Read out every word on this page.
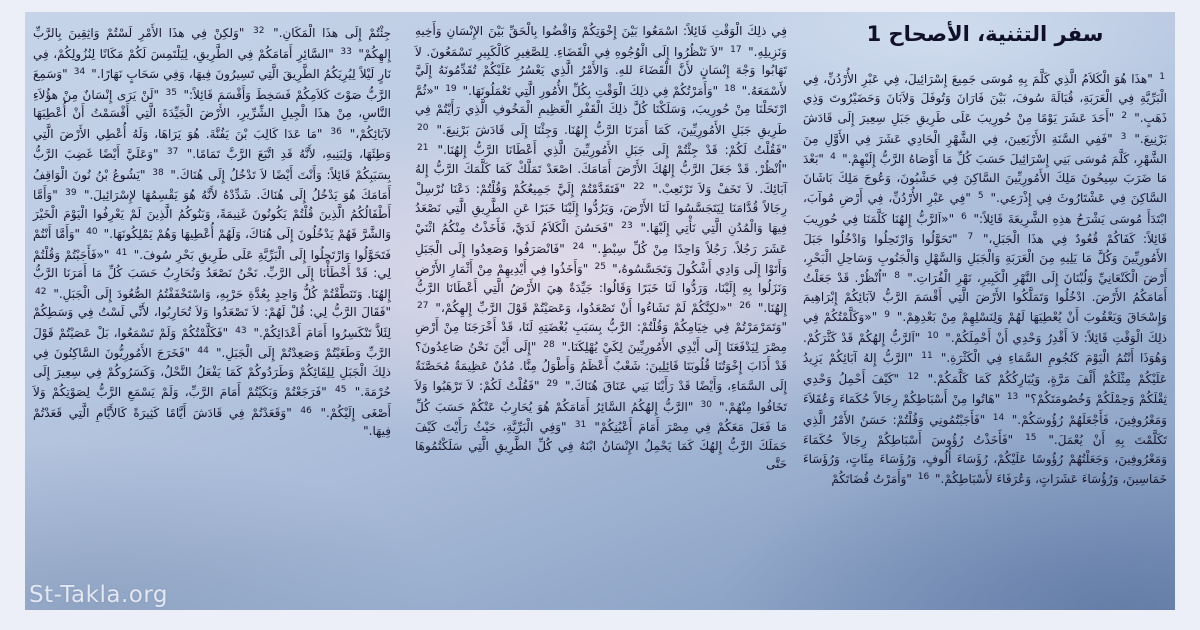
سفر التثنية، الأصحاح 1
$^1$ "هذَا هُوَ الْكَلاَمُ الَّذِي كَلَّمَ بِهِ مُوسَى جَمِيعَ إِسْرَائِيلَ، فِي عَبْرِ الأُرْدُنِّ، فِي الْبَرِّيَّةِ فِي الْعَرَبَةِ، قُبَالَةَ سُوفَ، بَيْنَ فَارَانَ وَتُوفَلَ وَلاَبَانَ وَحَضَيْرُوتَ وَذِي ذَهَبٍ." $^2$ "أَحَدَ عَشَرَ يَوْمًا مِنْ حُورِيبَ عَلَى طَرِيقِ جَبَلِ سِعِيرَ إِلَى قَادَشَ بَرْنِيعَ." $^3$ "فَفِي السَّنَةِ الأَرْبَعِينَ، فِي الشَّهْرِ الْحَادِي عَشَرَ فِي الأَوَّلِ مِنَ الشَّهْرِ، كَلَّمَ مُوسَى بَنِي إِسْرَائِيلَ حَسَبَ كُلِّ مَا أَوْصَاهُ الرَّبُّ إِلَيْهِمْ." $^4$ "بَعْدَ مَا ضَرَبَ سِيحُونَ مَلِكَ الأَمُورِيِّينَ السَّاكِنَ فِي حَشْبُونَ، وَعُوجَ مَلِكَ بَاشَانَ السَّاكِنَ فِي عَشْتَارُوثَ فِي إِذْرَعِي." $^5$ "فِي عَبْرِ الأُرْدُنِّ، فِي أَرْضِ مُوآبَ، ابْتَدَأَ مُوسَى يَشْرَحُ هذِهِ الشَّرِيعَةَ قَائِلاً:" $^6$ "«اَلرَّبُّ إِلهُنَا كَلَّمَنَا فِي حُورِيبَ قَائِلاً: كَفَاكُمْ قُعُودٌ فِي هذَا الْجَبَلِ،" $^7$ "تَحَوَّلُوا وَارْتَحِلُوا وَادْخُلُوا جَبَلَ الأَمُورِيِّينَ وَكُلَّ مَا يَلِيهِ مِنَ الْعَرَبَةِ وَالْجَبَلِ وَالسَّهْلِ وَالْجَنُوبِ وَسَاحِلِ الْبَحْرِ، أَرْضَ الْكَنْعَانِيِّ وَلُبْنَانَ إِلَى النَّهْرِ الْكَبِيرِ، نَهْرِ الْفُرَاتِ." $^8$ "اُنْظُرْ. قَدْ جَعَلْتُ أَمَامَكُمُ الأَرْضَ. ادْخُلُوا وَتَمَلَّكُوا الأَرْضَ الَّتِي أَقْسَمَ الرَّبُّ لآبَائِكُمْ إِبْرَاهِيمَ وَإِسْحَاقَ وَيَعْقُوبَ أَنْ يُعْطِيَهَا لَهُمْ وَلِنَسْلِهِمْ مِنْ بَعْدِهِمْ." $^9$ "«وَكَلَّمْتُكُمْ فِي ذلِكَ الْوَقْتِ قَائِلاً: لاَ أَقْدِرُ وَحْدِي أَنْ أَحْمِلَكُمْ." $^{10}$ "اَلرَّبُّ إِلهُكُمْ قَدْ كَثَّرَكُمْ. وَهُوَذَا أَنْتُمُ الْيَوْمَ كَنُجُومِ السَّمَاءِ فِي الْكَثْرَةِ." $^{11}$ "الرَّبُّ إِلهُ آبَائِكُمْ يَزِيدُ عَلَيْكُمْ مِثْلَكُمْ أَلْفَ مَرَّةٍ، وَيُبَارِكُكُمْ كَمَا كَلَّمَكُمْ." $^{12}$ "كَيْفَ أَحْمِلُ وَحْدِي ثِقْلَكُمْ وَحِمْلَكُمْ وَخُصُومَتَكُمْ؟" $^{13}$ "هَاتُوا مِنْ أَسْبَاطِكُمْ رِجَالاً حُكَمَاءَ وَعُقَلاَءَ وَمَعْرُوفِينَ، فَأَجْعَلَهُمْ رُؤُوسَكُمْ." $^{14}$ "فَأَجَبْتُمُونِي وَقُلْتُمْ: حَسَنٌ الأَمْرُ الَّذِي تَكَلَّمْتَ بِهِ أَنْ يُعْمَلَ." $^{15}$ "فَأَخَذْتُ رُؤُوسَ أَسْبَاطِكُمْ رِجَالاً حُكَمَاءَ وَمَعْرُوفِينَ، وَجَعَلْتُهُمْ رُؤُوسًا عَلَيْكُمْ، رُؤَسَاءَ أُلُوفٍ، وَرُؤَسَاءَ مِئَاتٍ، وَرُؤَسَاءَ خَمَاسِينَ، وَرُؤُسَاءَ عَشَرَاتٍ، وَعُرَفَاءَ لأَسْبَاطِكُمْ." $^{16}$ "وَأَمَرْتُ قُضَاتَكُمْ
فِي ذلِكَ الْوَقْتِ قَائِلاً: اسْمَعُوا بَيْنَ إِخْوَتِكُمْ وَاقْضُوا بِالْحَقِّ بَيْنَ الإِنْسَانِ وَأَخِيهِ وَنَزِيلِهِ." $^{17}$ "لاَ تَنْظُرُوا إِلَى الْوُجُوهِ فِي الْقَضَاءِ. لِلصَّغِيرِ كَالْكَبِيرِ تَسْمَعُونَ. لاَ تَهَابُوا وَجْهَ إِنْسَانٍ لأَنَّ الْقَضَاءَ للهِ. وَالأَمْرُ الَّذِي يَعْسُرُ عَلَيْكُمْ تُقَدِّمُونَهُ إِلَيَّ لأَسْمَعَهُ." $^{18}$ "وَأَمَرْتُكُمْ فِي ذلِكَ الْوَقْتِ بِكُلِّ الأُمُورِ الَّتِي تَعْمَلُونَهَا." $^{19}$ "«ثُمَّ ارْتَحَلْنَا مِنْ حُورِيبَ، وَسَلَكْنَا كُلَّ ذلِكَ الْقَفْرِ الْعَظِيمِ الْمَخُوفِ الَّذِي رَأَيْتُمْ فِي طَرِيقِ جَبَلِ الأَمُورِيِّينَ، كَمَا أَمَرَنَا الرَّبُّ إِلهُنَا. وَجِئْنَا إِلَى قَادَشَ بَرْنِيعَ." $^{20}$ "فَقُلْتُ لَكُمْ: قَدْ جِئْتُمْ إِلَى جَبَلِ الأَمُورِيِّينَ الَّذِي أَعْطَانَا الرَّبُّ إِلهُنَا." $^{21}$ "اُنْظُرْ. قَدْ جَعَلَ الرَّبُّ إِلهُكَ الأَرْضَ أَمَامَكَ. اصْعَدْ تَمَلَّكْ كَمَا كَلَّمَكَ الرَّبُّ إِلهُ آبَائِكَ. لاَ تَخَفْ وَلاَ تَرْتَعِبْ." $^{22}$ "فَتَقَدَّمْتُمْ إِلَيَّ جَمِيعُكُمْ وَقُلْتُمْ: دَعْنَا نُرْسِلْ رِجَالاً قُدَّامَنَا لِيَتَجَسَّسُوا لَنَا الأَرْضَ، وَيَرُدُّوا إِلَيْنَا خَبَرًا عَنِ الطَّرِيقِ الَّتِي نَصْعَدُ فِيهَا وَالْمُدُنِ الَّتِي نَأْتِي إِلَيْهَا." $^{23}$ "فَحَسُنَ الْكَلاَمُ لَدَيَّ، فَأَخَذْتُ مِنْكُمُ اثْنَيْ عَشَرَ رَجُلاً. رَجُلاً وَاحِدًا مِنْ كُلِّ سِبْطٍ." $^{24}$ "فَانْصَرَفُوا وَصَعِدُوا إِلَى الْجَبَلِ وَأَتَوْا إِلَى وَادِي أَشْكُولَ وَتَجَسَّسُوهُ،" $^{25}$ "وَأَخَذُوا فِي أَيْدِيهِمْ مِنْ أَثْمَارِ الأَرْضِ وَنَزَلُوا بِهِ إِلَيْنَا، وَرَدُّوا لَنَا خَبَرًا وَقَالُوا: جَيِّدَةٌ هِيَ الأَرْضُ الَّتِي أَعْطَانَا الرَّبُّ إِلهُنَا." $^{26}$ "«لكِنَّكُمْ لَمْ تَشَاءُوا أَنْ تَصْعَدُوا، وَعَصَيْتُمْ قَوْلَ الرَّبِّ إِلهِكُمْ،" $^{27}$ "وَتَمَرْمَرْتُمْ فِي خِيَامِكُمْ وَقُلْتُمْ: الرَّبُّ بِسَبَبِ بُغْضَتِهِ لَنَا، قَدْ أَخْرَجَنَا مِنْ أَرْضِ مِصْرَ لِيَدْفَعَنَا إِلَى أَيْدِي الأَمُورِيِّينَ لِكَيْ يُهْلِكَنَا." $^{28}$ "إِلَى أَيْنَ نَحْنُ صَاعِدُونَ؟ قَدْ أَذَابَ إِخْوَتُنَا قُلُوبَنَا قَائِلِينَ: شَعْبٌ أَعْظَمُ وَأَطْوَلُ مِنَّا. مُدُنٌ عَظِيمَةٌ مُحَصَّنَةٌ إِلَى السَّمَاءِ، وَأَيْضًا قَدْ رَأَيْنَا بَنِي عَنَاقَ هُنَاكَ." $^{29}$ "فَقُلْتُ لَكُمْ: لاَ تَرْهَبُوا وَلاَ تَخَافُوا مِنْهُمْ." $^{30}$ "الرَّبُّ إِلهُكُمُ السَّائِرُ أَمَامَكُمْ هُوَ يُحَارِبُ عَنْكُمْ حَسَبَ كُلِّ مَا فَعَلَ مَعَكُمْ فِي مِصْرَ أَمَامَ أَعْيُنِكُمْ" $^{31}$ "وَفِي الْبَرِّيَّةِ، حَيْثُ رَأَيْتَ كَيْفَ حَمَلَكَ الرَّبُّ إِلهُكَ كَمَا يَحْمِلُ الإِنْسَانُ ابْنَهُ فِي كُلِّ الطَّرِيقِ الَّتِي سَلَكْتُمُوهَا حَتَّى
جِئْتُمْ إِلَى هذَا الْمَكَانِ." $^{32}$ "وَلكِنْ فِي هذَا الأَمْرِ لَسْتُمْ وَاثِقِينَ بِالرَّبِّ إِلهِكُمْ" $^{33}$ "السَّائِرِ أَمَامَكُمْ فِي الطَّرِيقِ، لِيَلْتَمِسَ لَكُمْ مَكَانًا لِنُزُولِكُمْ، فِي نَارٍ لَيْلاً لِيُرِيَكُمُ الطَّرِيقَ الَّتِي تَسِيرُونَ فِيهَا، وَفِي سَحَابٍ نَهَارًا." $^{34}$ "وَسَمِعَ الرَّبُّ صَوْتَ كَلاَمِكُمْ فَسَخِطَ وَأَقْسَمَ قَائِلاً:" $^{35}$ "لَنْ يَرَى إِنْسَانٌ مِنْ هؤُلاَءِ النَّاسِ، مِنْ هذَا الْجِيلِ الشِّرِّيرِ، الأَرْضَ الْجَيِّدَةَ الَّتِي أَقْسَمْتُ أَنْ أُعْطِيَهَا لآبَائِكُمْ،" $^{36}$ "مَا عَدَا كَالِبَ بْنَ يَفُنَّةَ. هُوَ يَرَاهَا، وَلَهُ أُعْطِي الأَرْضَ الَّتِي وَطِئَهَا، وَلِبَنِيهِ، لأَنَّهُ قَدِ اتَّبَعَ الرَّبَّ تَمَامًا." $^{37}$ "وَعَلَيَّ أَيْضًا غَضِبَ الرَّبُّ بِسَبَبِكُمْ قَائِلاً: وَأَنْتَ أَيْضًا لاَ تَدْخُلُ إِلَى هُنَاكَ." $^{38}$ "يَشُوعُ بْنُ نُونَ الْوَاقِفُ أَمَامَكَ هُوَ يَدْخُلُ إِلَى هُنَاكَ. شَدِّدْهُ لأَنَّهُ هُوَ يَقْسِمُهَا لإِسْرَائِيلَ." $^{39}$ "وَأَمَّا أَطْفَالُكُمُ الَّذِينَ قُلْتُمْ يَكُونُونَ غَنِيمَةً، وَبَنُوكُمُ الَّذِينَ لَمْ يَعْرِفُوا الْيَوْمَ الْخَيْرَ وَالشَّرَّ فَهُمْ يَدْخُلُونَ إِلَى هُنَاكَ، وَلَهُمْ أُعْطِيهَا وَهُمْ يَمْلِكُونَهَا." $^{40}$ "وَأَمَّا أَنْتُمْ فَتَحَوَّلُوا وَارْتَحِلُوا إِلَى الْبَرِّيَّةِ عَلَى طَرِيقِ بَحْرِ سُوفَ." $^{41}$ "«فَأَجَبْتُمْ وَقُلْتُمْ لِي: قَدْ أَخْطَأْنَا إِلَى الرَّبِّ. نَحْنُ نَصْعَدُ وَنُحَارِبُ حَسَبَ كُلِّ مَا أَمَرَنَا الرَّبُّ إِلهُنَا. وَتَنَطَّقْتُمْ كُلُّ وَاحِدٍ بِعُدَّةِ حَرْبِهِ، وَاسْتَخْفَفْتُمُ الصُّعُودَ إِلَى الْجَبَلِ." $^{42}$ "فَقَالَ الرَّبُّ لِي: قُلْ لَهُمْ: لاَ تَصْعَدُوا وَلاَ تُحَارِبُوا، لأَنِّي لَسْتُ فِي وَسَطِكُمْ لِئَلاَّ تَنْكَسِرُوا أَمَامَ أَعْدَائِكُمْ." $^{43}$ "فَكَلَّمْتُكُمْ وَلَمْ تَسْمَعُوا، بَلْ عَصَيْتُمْ قَوْلَ الرَّبِّ وَطَغَيْتُمْ وَصَعِدْتُمْ إِلَى الْجَبَلِ." $^{44}$ "فَخَرَجَ الأَمُورِيُّونَ السَّاكِنُونَ فِي ذلِكَ الْجَبَلِ لِلِقَائِكُمْ وَطَرَدُوكُمْ كَمَا يَفْعَلُ النَّحْلُ، وَكَسَرُوكُمْ فِي سِعِيرَ إِلَى حُرْمَةَ." $^{45}$ "فَرَجَعْتُمْ وَبَكَيْتُمْ أَمَامَ الرَّبِّ، وَلَمْ يَسْمَعِ الرَّبُّ لِصَوْتِكُمْ وَلاَ أَصْغَى إِلَيْكُمْ." $^{46}$ "وَقَعَدْتُمْ فِي قَادَشَ أَيَّامًا كَثِيرَةً كَالأَيَّامِ الَّتِي قَعَدْتُمْ فِيهَا."
St-Takla.org
